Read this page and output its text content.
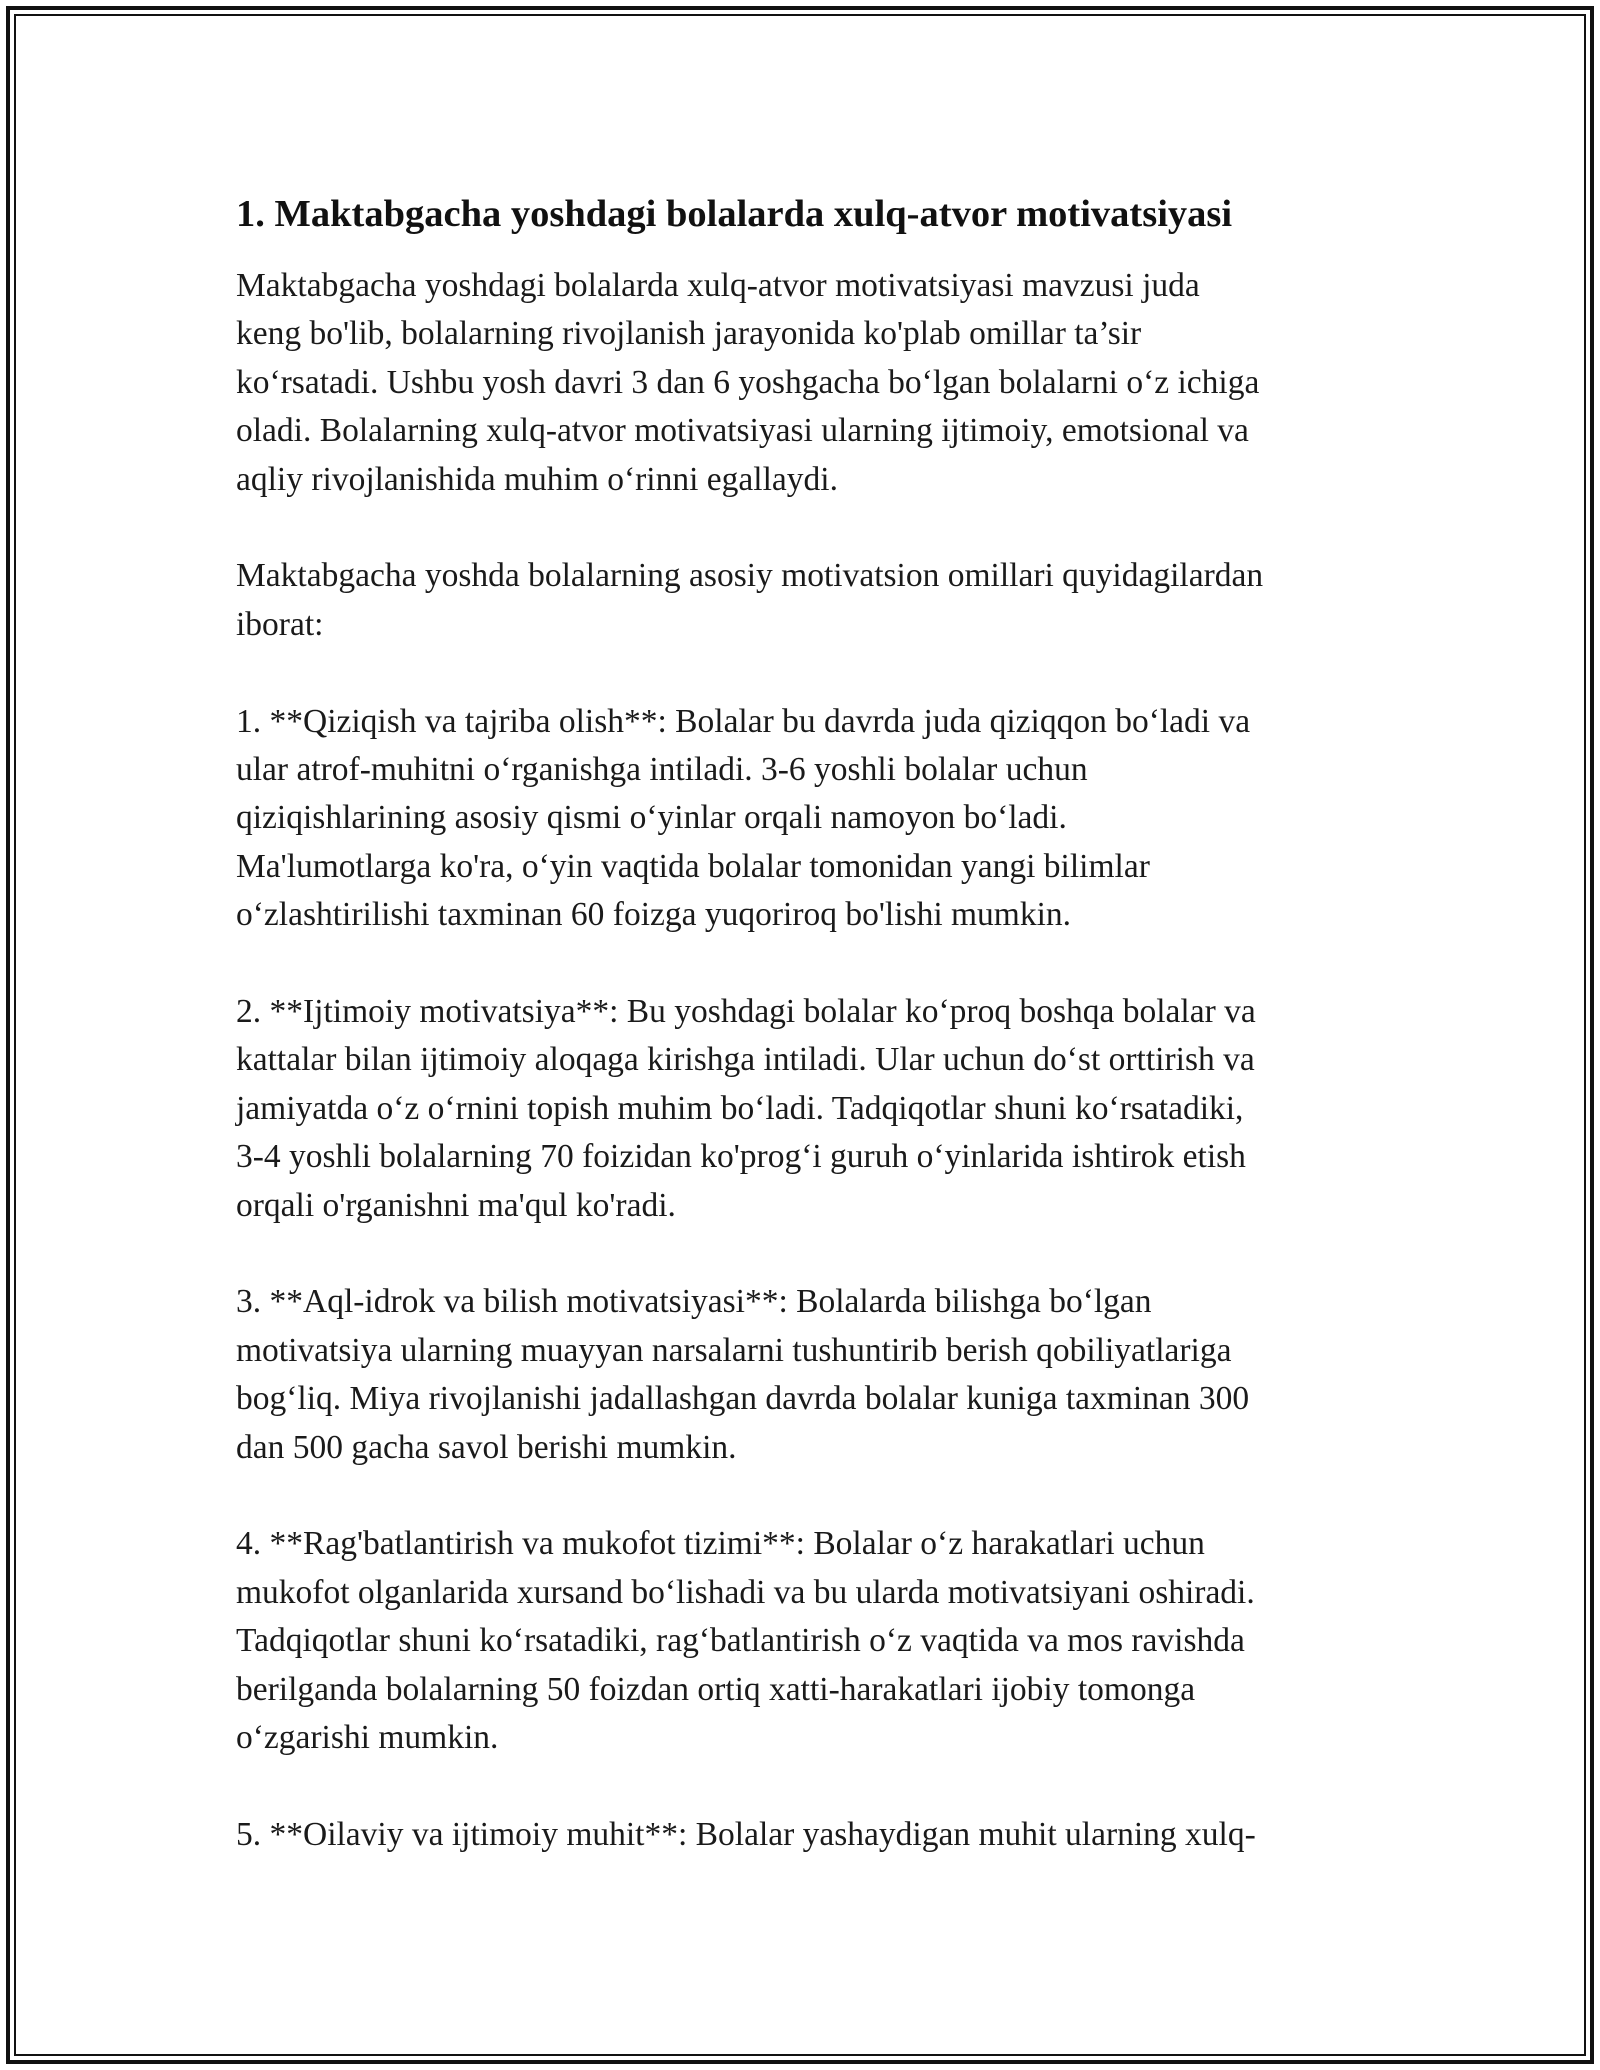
1. Maktabgacha yoshdagi bolalarda xulq-atvor motivatsiyasi

Maktabgacha yoshdagi bolalarda xulq-atvor motivatsiyasi mavzusi juda
keng bo'lib, bolalarning rivojlanish jarayonida ko'plab omillar ta’sir
ko‘rsatadi. Ushbu yosh davri 3 dan 6 yoshgacha bo‘lgan bolalarni o‘z ichiga
oladi. Bolalarning xulq-atvor motivatsiyasi ularning ijtimoiy, emotsional va
aqliy rivojlanishida muhim o‘rinni egallaydi.

Maktabgacha yoshda bolalarning asosiy motivatsion omillari quyidagilardan
iborat:

1. **Qiziqish va tajriba olish**: Bolalar bu davrda juda qiziqqon bo‘ladi va
ular atrof-muhitni o‘rganishga intiladi. 3-6 yoshli bolalar uchun
qiziqishlarining asosiy qismi o‘yinlar orqali namoyon bo‘ladi.
Ma'lumotlarga ko'ra, o‘yin vaqtida bolalar tomonidan yangi bilimlar
o‘zlashtirilishi taxminan 60 foizga yuqoriroq bo'lishi mumkin.

2. **Ijtimoiy motivatsiya**: Bu yoshdagi bolalar ko‘proq boshqa bolalar va
kattalar bilan ijtimoiy aloqaga kirishga intiladi. Ular uchun do‘st orttirish va
jamiyatda o‘z o‘rnini topish muhim bo‘ladi. Tadqiqotlar shuni ko‘rsatadiki,
3-4 yoshli bolalarning 70 foizidan ko'prog‘i guruh o‘yinlarida ishtirok etish
orqali o'rganishni ma'qul ko'radi.

3. **Aql-idrok va bilish motivatsiyasi**: Bolalarda bilishga bo‘lgan
motivatsiya ularning muayyan narsalarni tushuntirib berish qobiliyatlariga
bog‘liq. Miya rivojlanishi jadallashgan davrda bolalar kuniga taxminan 300
dan 500 gacha savol berishi mumkin.

4. **Rag'batlantirish va mukofot tizimi**: Bolalar o‘z harakatlari uchun
mukofot olganlarida xursand bo‘lishadi va bu ularda motivatsiyani oshiradi.
Tadqiqotlar shuni ko‘rsatadiki, rag‘batlantirish o‘z vaqtida va mos ravishda
berilganda bolalarning 50 foizdan ortiq xatti-harakatlari ijobiy tomonga
o‘zgarishi mumkin.

5. **Oilaviy va ijtimoiy muhit**: Bolalar yashaydigan muhit ularning xulq-
